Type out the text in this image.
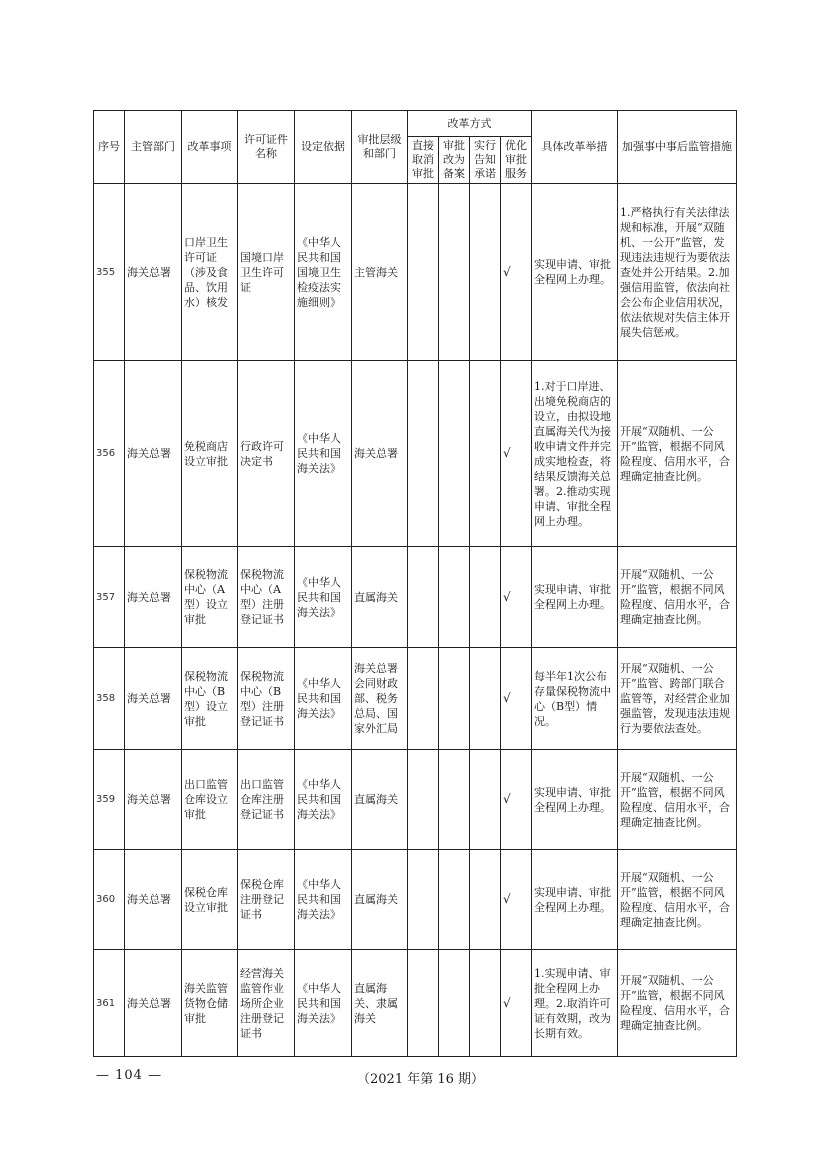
序号	主管部门	改革事项	许可证件名称	设定依据	审批层级和部门	改革方式				具体改革举措	加强事中事后监管措施
						直接取消审批	审批改为备案	实行告知承诺	优化审批服务		
355	海关总署	口岸卫生许可证（涉及食品、饮用水）核发	国境口岸卫生许可证	《中华人民共和国国境卫生检疫法实施细则》	主管海关				√	实现申请、审批全程网上办理。	1.严格执行有关法律法规和标准，开展“双随机、一公开”监管，发现违法违规行为要依法查处并公开结果。2.加强信用监管，依法向社会公布企业信用状况，依法依规对失信主体开展失信惩戒。
356	海关总署	免税商店设立审批	行政许可决定书	《中华人民共和国海关法》	海关总署				√	1.对于口岸进、出境免税商店的设立，由拟设地直属海关代为接收申请文件并完成实地检查，将结果反馈海关总署。2.推动实现申请、审批全程网上办理。	开展“双随机、一公开”监管，根据不同风险程度、信用水平，合理确定抽查比例。
357	海关总署	保税物流中心（A型）设立审批	保税物流中心（A型）注册登记证书	《中华人民共和国海关法》	直属海关				√	实现申请、审批全程网上办理。	开展“双随机、一公开”监管，根据不同风险程度、信用水平，合理确定抽查比例。
358	海关总署	保税物流中心（B型）设立审批	保税物流中心（B型）注册登记证书	《中华人民共和国海关法》	海关总署会同财政部、税务总局、国家外汇局				√	每半年1次公布存量保税物流中心（B型）情况。	开展“双随机、一公开”监管、跨部门联合监管等，对经营企业加强监管，发现违法违规行为要依法查处。
359	海关总署	出口监管仓库设立审批	出口监管仓库注册登记证书	《中华人民共和国海关法》	直属海关				√	实现申请、审批全程网上办理。	开展“双随机、一公开”监管，根据不同风险程度、信用水平，合理确定抽查比例。
360	海关总署	保税仓库设立审批	保税仓库注册登记证书	《中华人民共和国海关法》	直属海关				√	实现申请、审批全程网上办理。	开展“双随机、一公开”监管，根据不同风险程度、信用水平，合理确定抽查比例。
361	海关总署	海关监管货物仓储审批	经营海关监管作业场所企业注册登记证书	《中华人民共和国海关法》	直属海关、隶属海关				√	1.实现申请、审批全程网上办理。2.取消许可证有效期，改为长期有效。	开展“双随机、一公开”监管，根据不同风险程度、信用水平，合理确定抽查比例。
— 104 —	（2021 年第 16 期）
